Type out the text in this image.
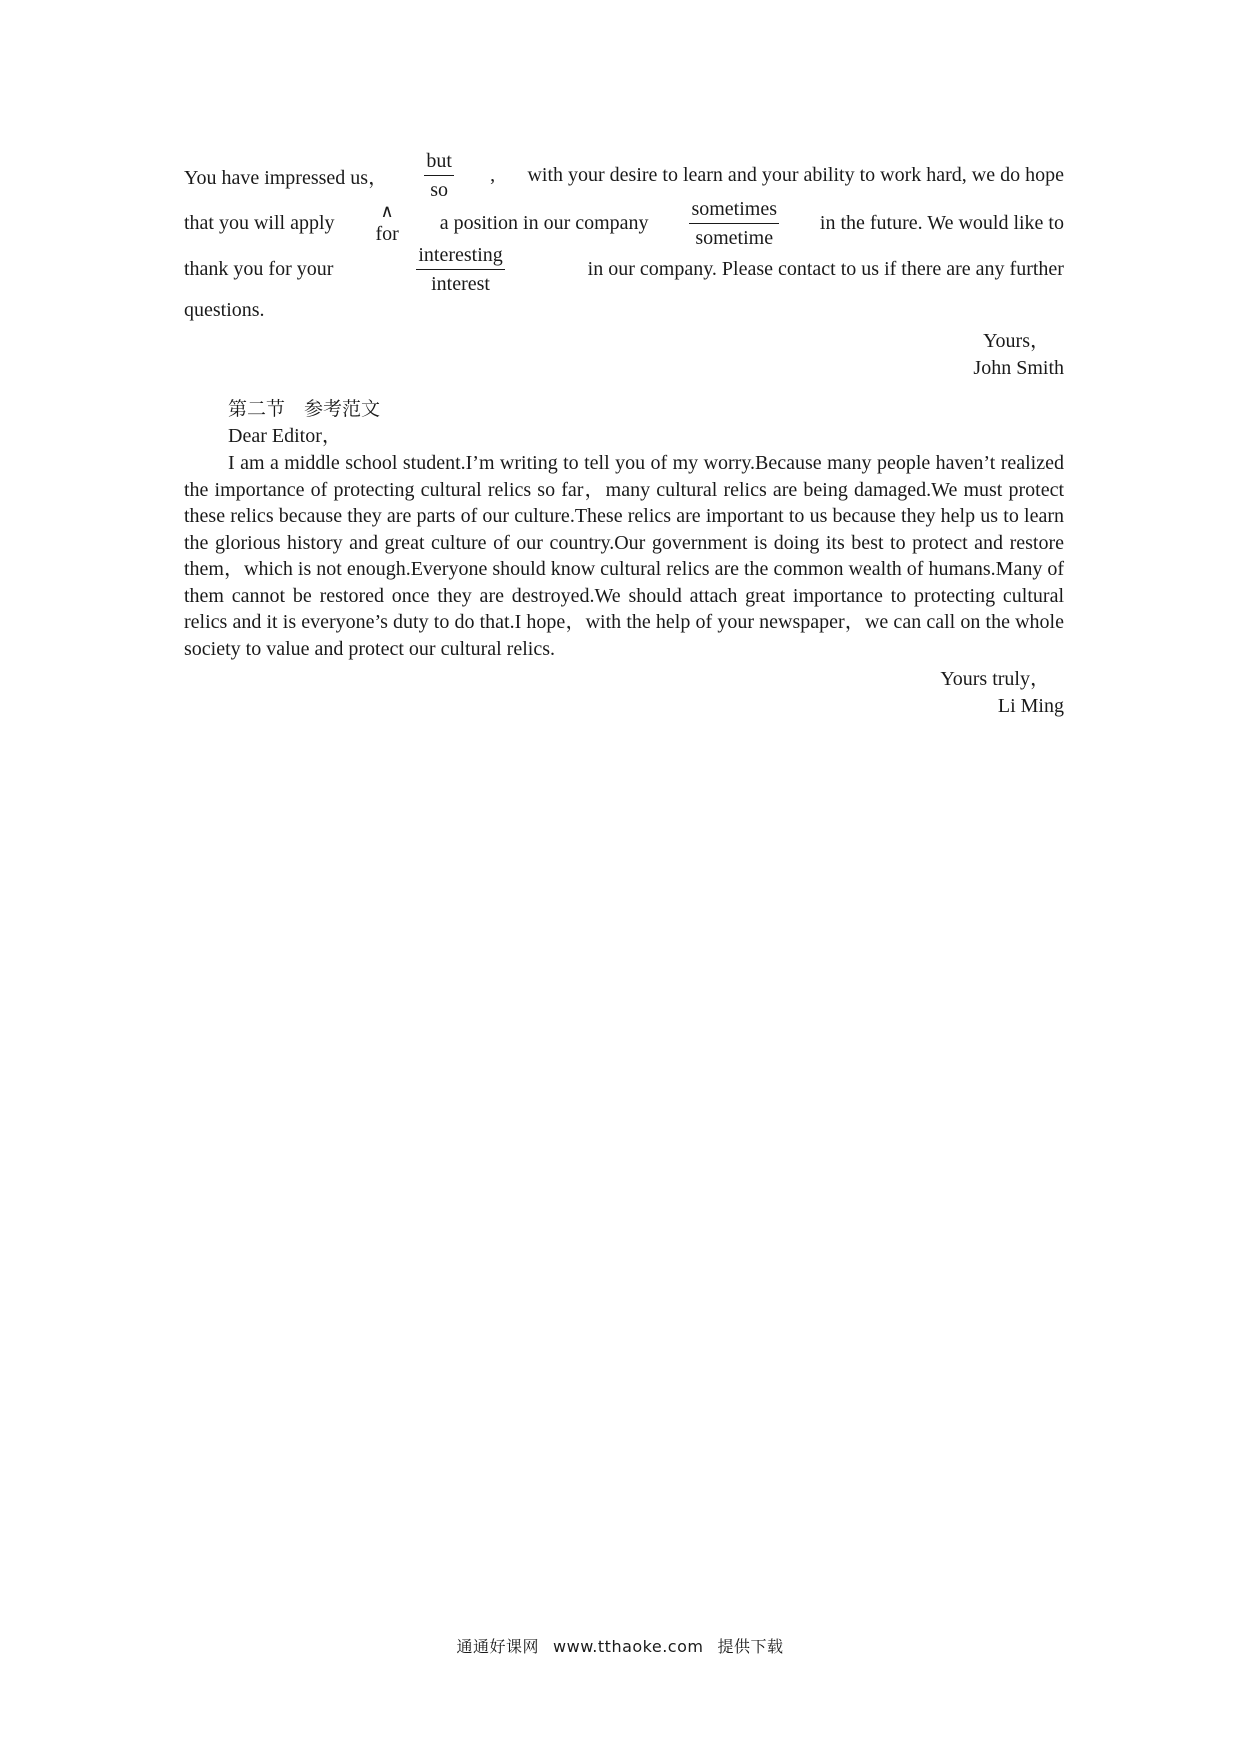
You have impressed us， $\frac{\text{but}}{so}$ , with your desire to learn and your ability to work hard, we do hope
that you will apply
∧
for a position in our company $\frac{\text{sometimes}}{\text{sometime}}$ in the future. We would like to
thank you for your	$\frac{\text{interesting}}{\text{interest}}$	in our company. Please contact to us if there are any further
questions.
Yours，
John Smith
第二节　参考范文
Dear Editor，

I am a middle school student.I’m writing to tell you of my worry.Because many people haven’t realized the importance of protecting cultural relics so far，many cultural relics are being damaged.We must protect these relics because they are parts of our culture.These relics are important to us because they help us to learn the glorious history and great culture of our country.Our government is doing its best to protect and restore them，which is not enough.Everyone should know cultural relics are the common wealth of humans.Many of them cannot be restored once they are destroyed.We should attach great importance to protecting cultural relics and it is everyone’s duty to do that.I hope，with the help of your newspaper，we can call on the whole society to value and protect our cultural relics.

Yours truly，
Li Ming
通通好课网 www.tthaoke.com 提供下载
